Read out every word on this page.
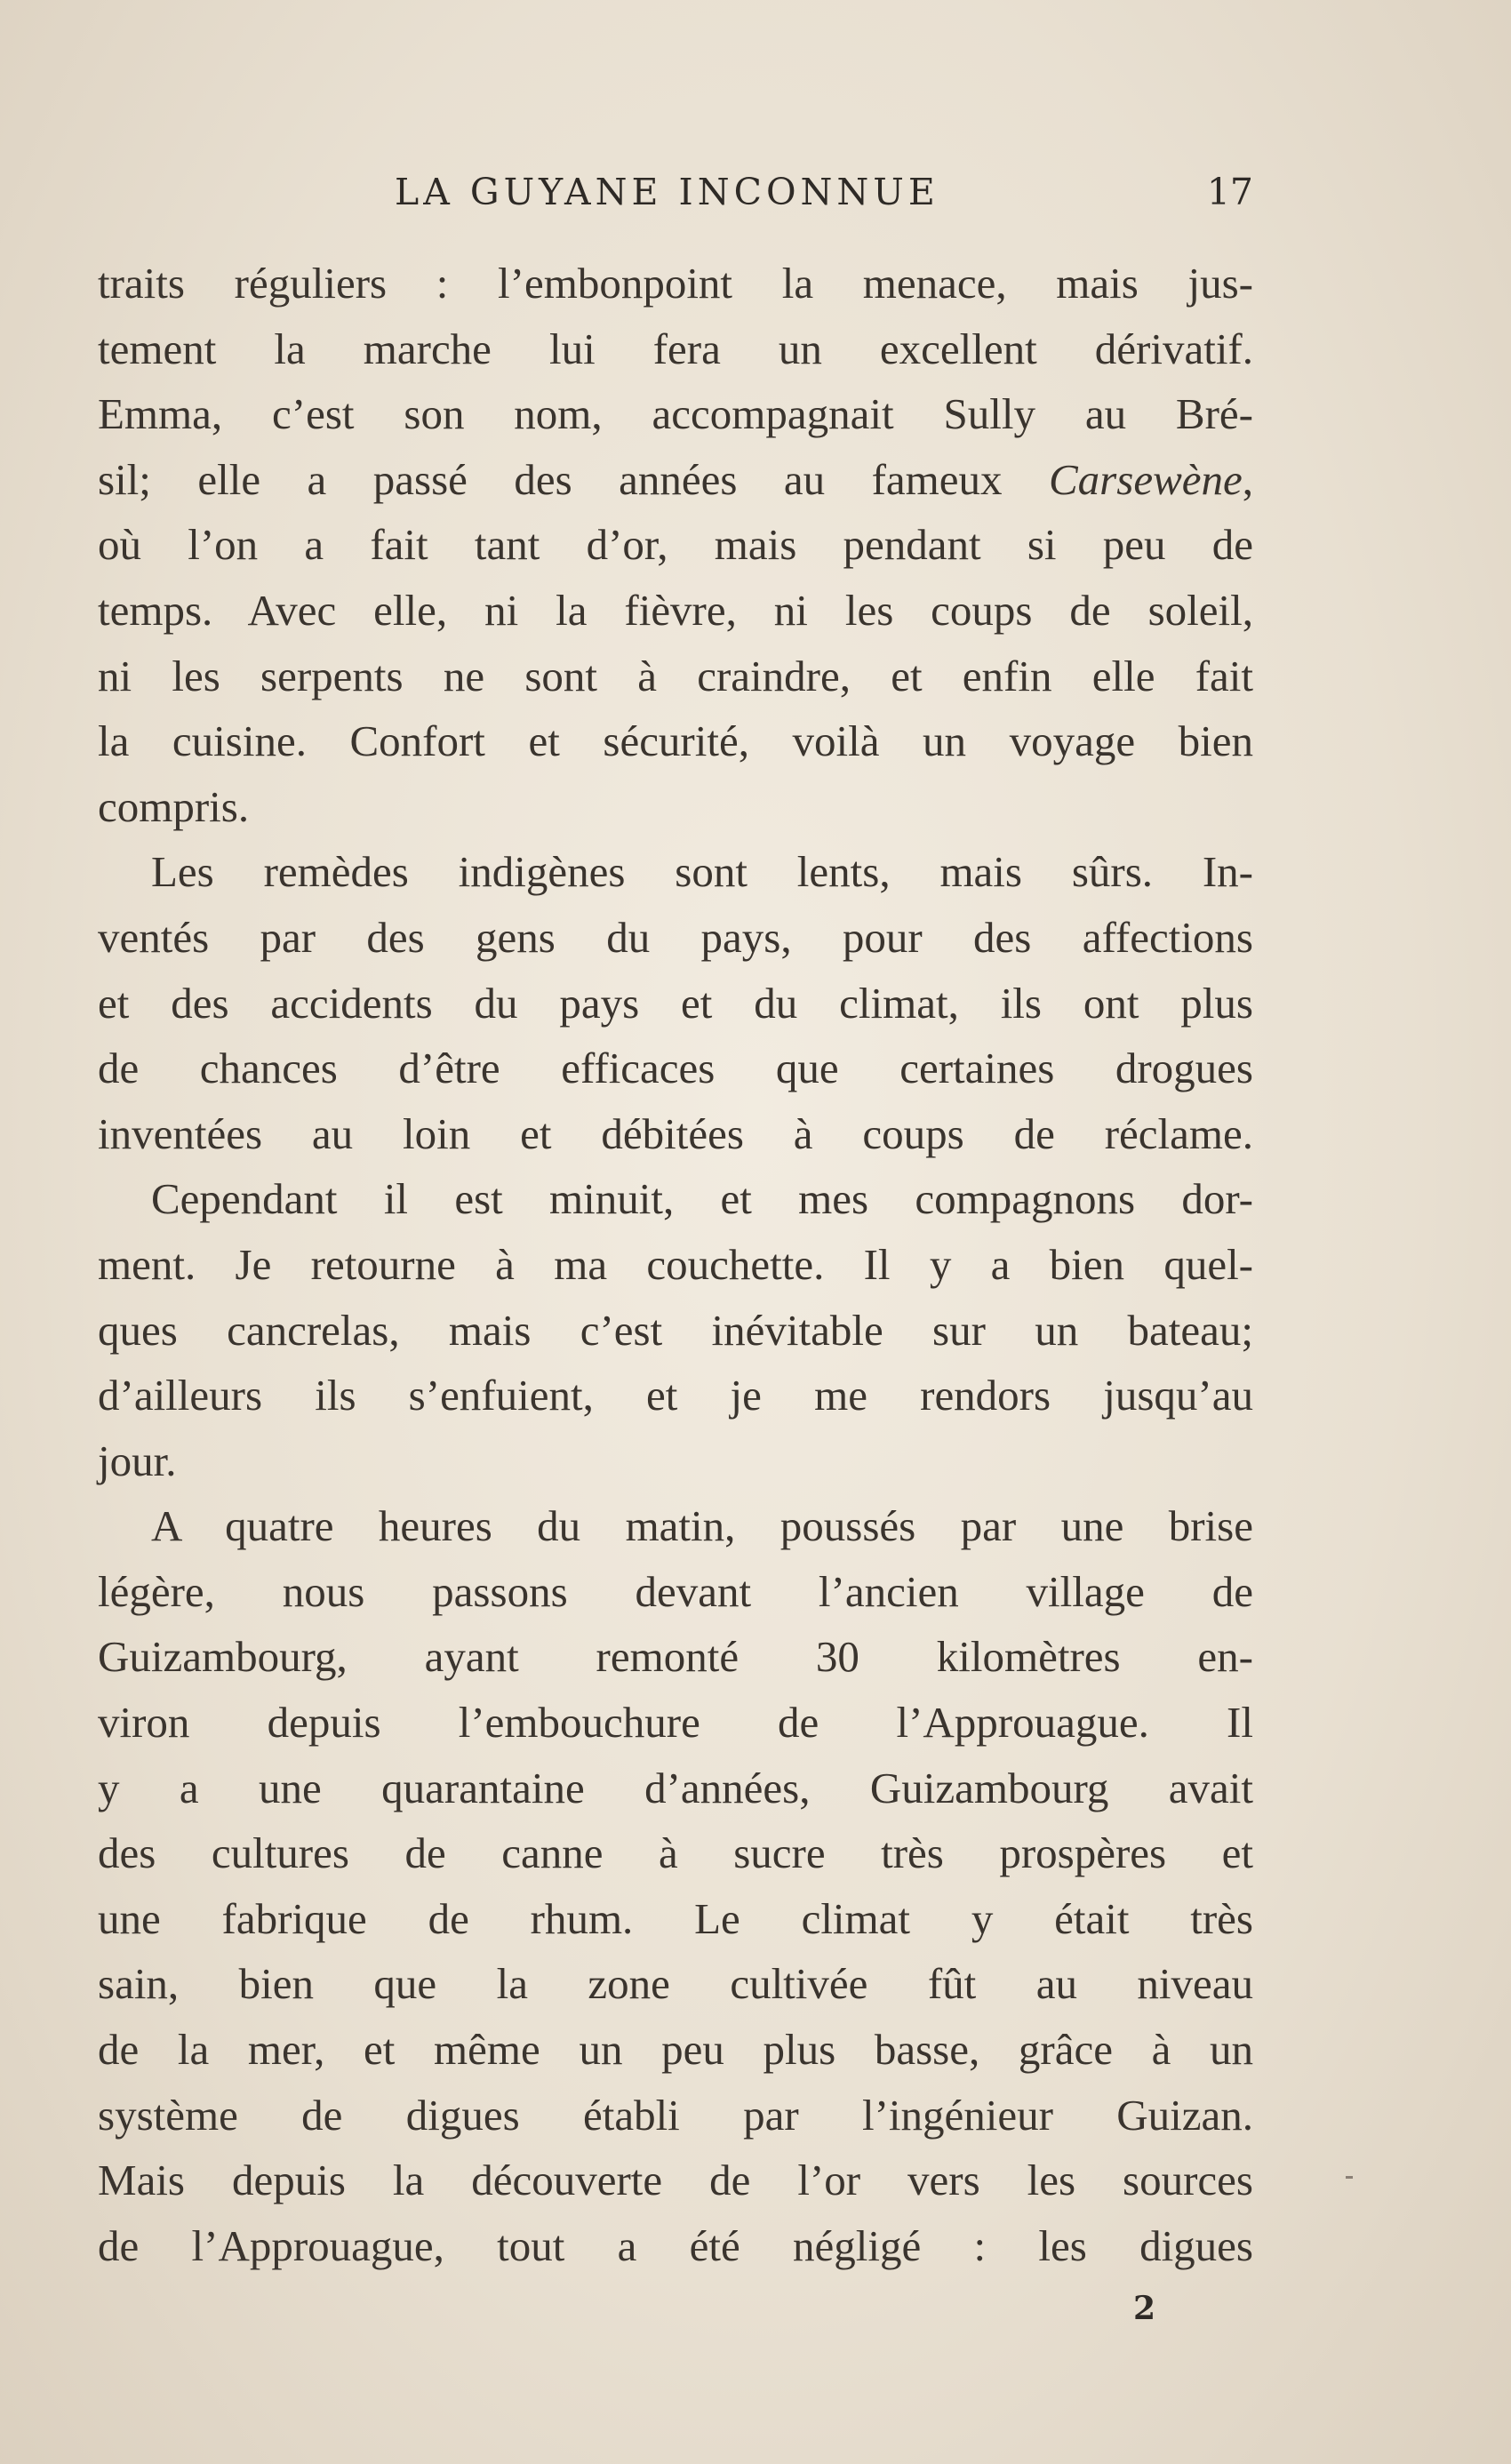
LA GUYANE INCONNUE	17
traits réguliers : l’embonpoint la menace, mais jus-
tement la marche lui fera un excellent dérivatif.
Emma, c’est son nom, accompagnait Sully au Bré-
sil; elle a passé des années au fameux Carsewène,
où l’on a fait tant d’or, mais pendant si peu de
temps. Avec elle, ni la fièvre, ni les coups de soleil,
ni les serpents ne sont à craindre, et enfin elle fait
la cuisine. Confort et sécurité, voilà un voyage bien
compris.
Les remèdes indigènes sont lents, mais sûrs. In-
ventés par des gens du pays, pour des affections
et des accidents du pays et du climat, ils ont plus
de chances d’être efficaces que certaines drogues
inventées au loin et débitées à coups de réclame.
Cependant il est minuit, et mes compagnons dor-
ment. Je retourne à ma couchette. Il y a bien quel-
ques cancrelas, mais c’est inévitable sur un bateau;
d’ailleurs ils s’enfuient, et je me rendors jusqu’au
jour.
A quatre heures du matin, poussés par une brise
légère, nous passons devant l’ancien village de
Guizambourg, ayant remonté 30 kilomètres en-
viron depuis l’embouchure de l’Approuague. Il
y a une quarantaine d’années, Guizambourg avait
des cultures de canne à sucre très prospères et
une fabrique de rhum. Le climat y était très
sain, bien que la zone cultivée fût au niveau
de la mer, et même un peu plus basse, grâce à un
système de digues établi par l’ingénieur Guizan.
Mais depuis la découverte de l’or vers les sources
de l’Approuague, tout a été négligé : les digues
2
